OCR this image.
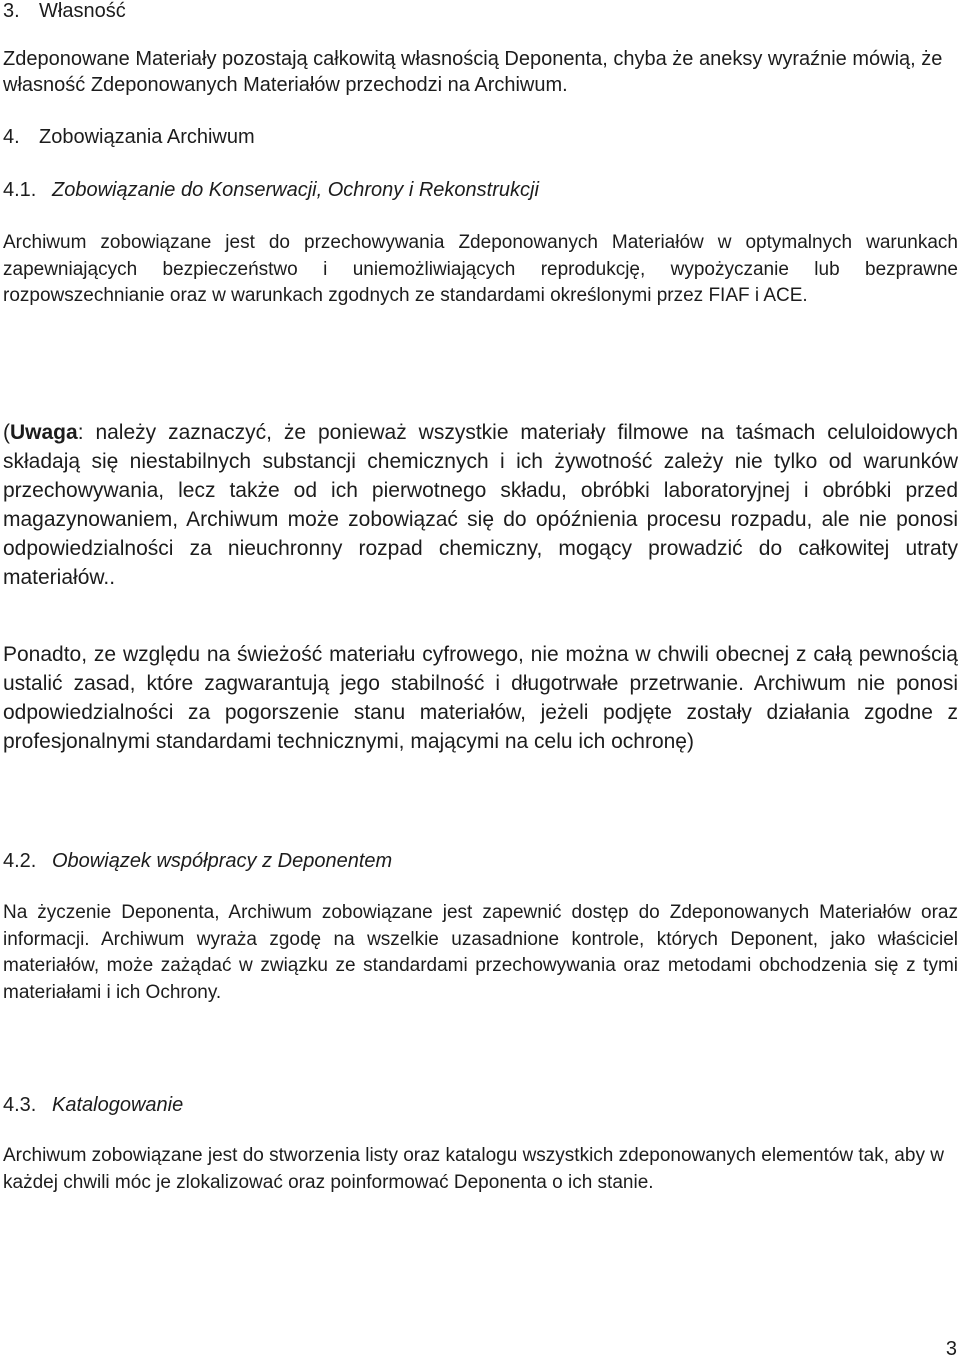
3. Własność

Zdeponowane Materiały pozostają całkowitą własnością Deponenta, chyba że aneksy wyraźnie mówią, że własność Zdeponowanych Materiałów przechodzi na Archiwum.

4. Zobowiązania Archiwum

4.1. Zobowiązanie do Konserwacji, Ochrony i Rekonstrukcji

Archiwum zobowiązane jest do przechowywania Zdeponowanych Materiałów w optymalnych warunkach zapewniających bezpieczeństwo i uniemożliwiających reprodukcję, wypożyczanie lub bezprawne rozpowszechnianie oraz w warunkach zgodnych ze standardami określonymi przez FIAF i ACE.

(Uwaga: należy zaznaczyć, że ponieważ wszystkie materiały filmowe na taśmach celuloidowych składają się niestabilnych substancji chemicznych i ich żywotność zależy nie tylko od warunków przechowywania, lecz także od ich pierwotnego składu, obróbki laboratoryjnej i obróbki przed magazynowaniem, Archiwum może zobowiązać się do opóźnienia procesu rozpadu, ale nie ponosi odpowiedzialności za nieuchronny rozpad chemiczny, mogący prowadzić do całkowitej utraty materiałów..

Ponadto, ze względu na świeżość materiału cyfrowego, nie można w chwili obecnej z całą pewnością ustalić zasad, które zagwarantują jego stabilność i długotrwałe przetrwanie. Archiwum nie ponosi odpowiedzialności za pogorszenie stanu materiałów, jeżeli podjęte zostały działania zgodne z profesjonalnymi standardami technicznymi, mającymi na celu ich ochronę)

4.2. Obowiązek współpracy z Deponentem

Na życzenie Deponenta, Archiwum zobowiązane jest zapewnić dostęp do Zdeponowanych Materiałów oraz informacji. Archiwum wyraża zgodę na wszelkie uzasadnione kontrole, których Deponent, jako właściciel materiałów, może zażądać w związku ze standardami przechowywania oraz metodami obchodzenia się z tymi materiałami i ich Ochrony.

4.3. Katalogowanie

Archiwum zobowiązane jest do stworzenia listy oraz katalogu wszystkich zdeponowanych elementów tak, aby w każdej chwili móc je zlokalizować oraz poinformować Deponenta o ich stanie.

3
